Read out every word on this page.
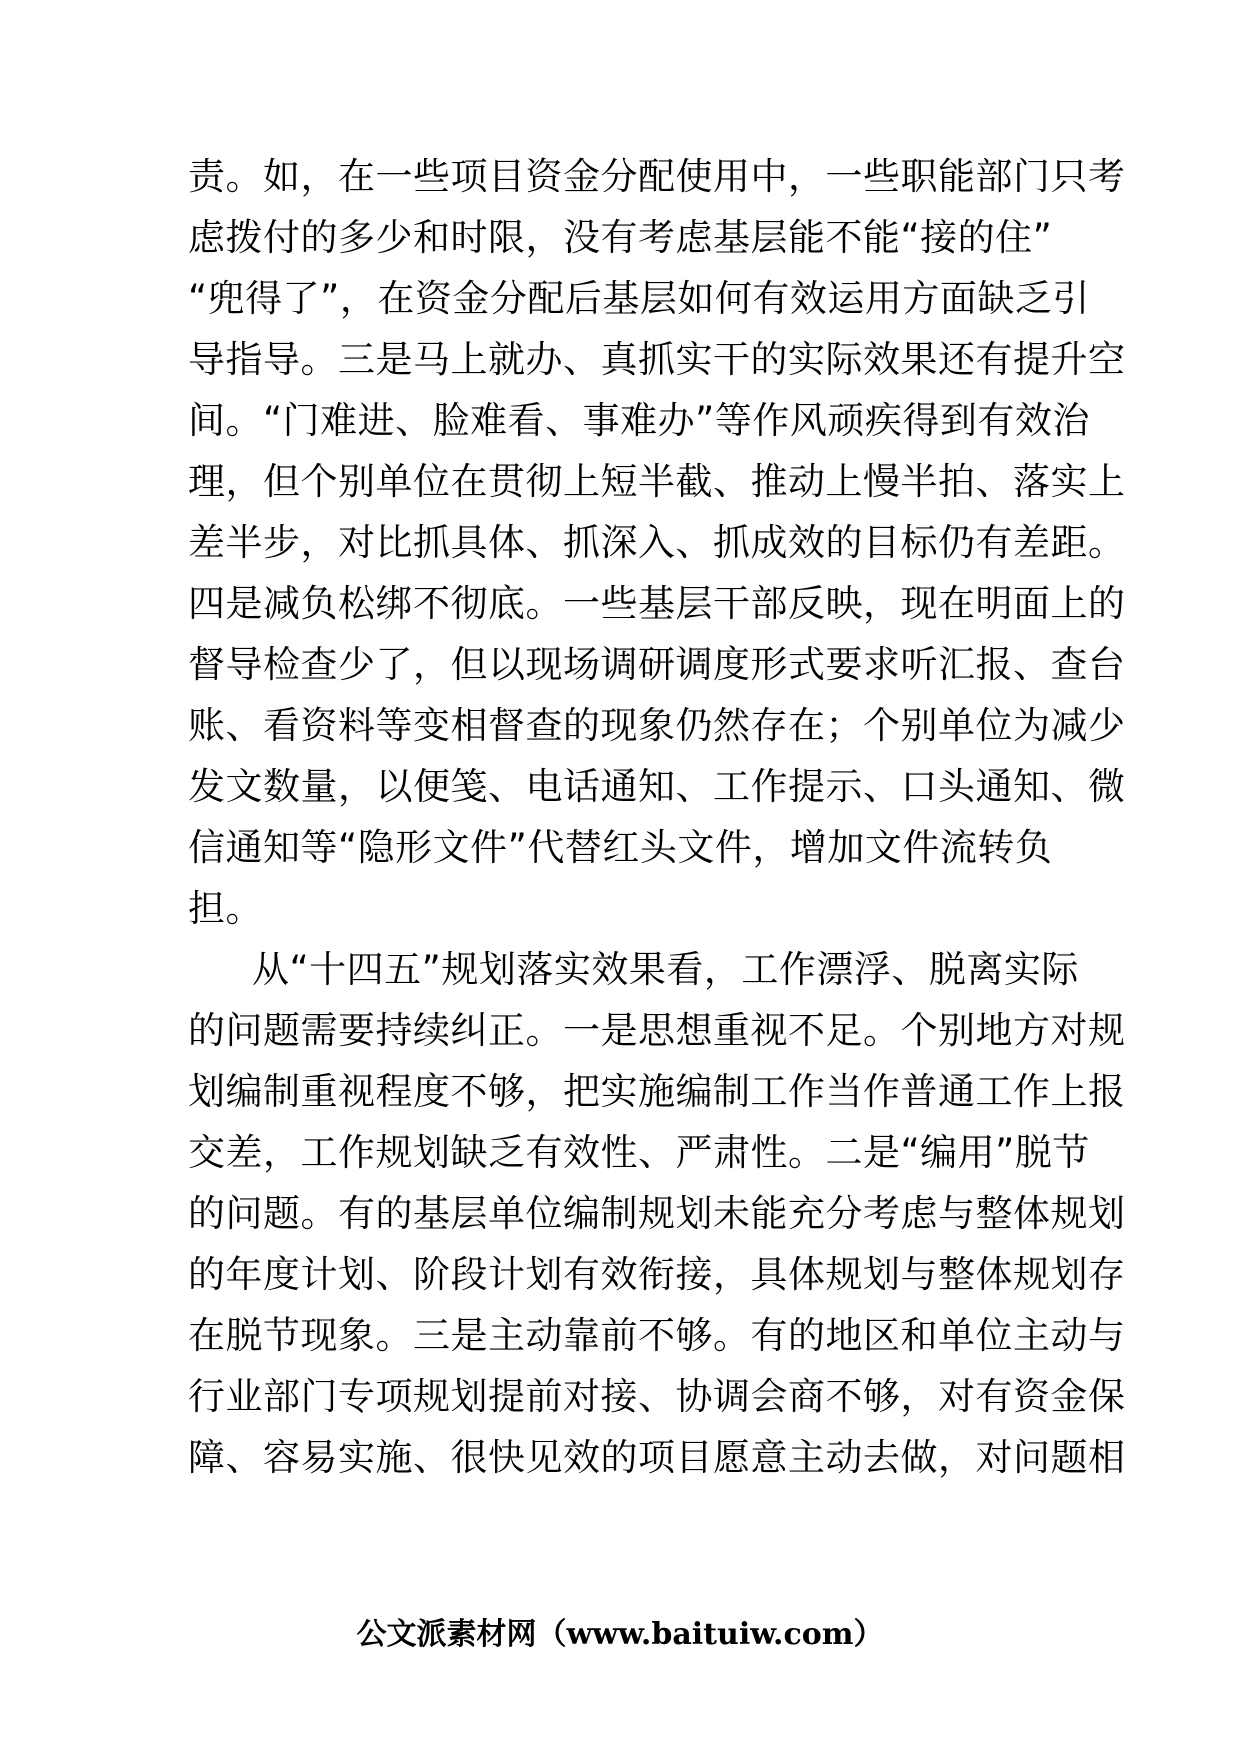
责。如，在一些项目资金分配使用中，一些职能部门只考
虑拨付的多少和时限，没有考虑基层能不能“接的住”
“兜得了”，在资金分配后基层如何有效运用方面缺乏引
导指导。三是马上就办、真抓实干的实际效果还有提升空
间。“门难进、脸难看、事难办”等作风顽疾得到有效治
理，但个别单位在贯彻上短半截、推动上慢半拍、落实上
差半步，对比抓具体、抓深入、抓成效的目标仍有差距。
四是减负松绑不彻底。一些基层干部反映，现在明面上的
督导检查少了，但以现场调研调度形式要求听汇报、查台
账、看资料等变相督查的现象仍然存在；个别单位为减少
发文数量，以便笺、电话通知、工作提示、口头通知、微
信通知等“隐形文件”代替红头文件，增加文件流转负
担。
从“十四五”规划落实效果看，工作漂浮、脱离实际
的问题需要持续纠正。一是思想重视不足。个别地方对规
划编制重视程度不够，把实施编制工作当作普通工作上报
交差，工作规划缺乏有效性、严肃性。二是“编用”脱节
的问题。有的基层单位编制规划未能充分考虑与整体规划
的年度计划、阶段计划有效衔接，具体规划与整体规划存
在脱节现象。三是主动靠前不够。有的地区和单位主动与
行业部门专项规划提前对接、协调会商不够，对有资金保
障、容易实施、很快见效的项目愿意主动去做，对问题相
公文派素材网（www.baituiw.com）
